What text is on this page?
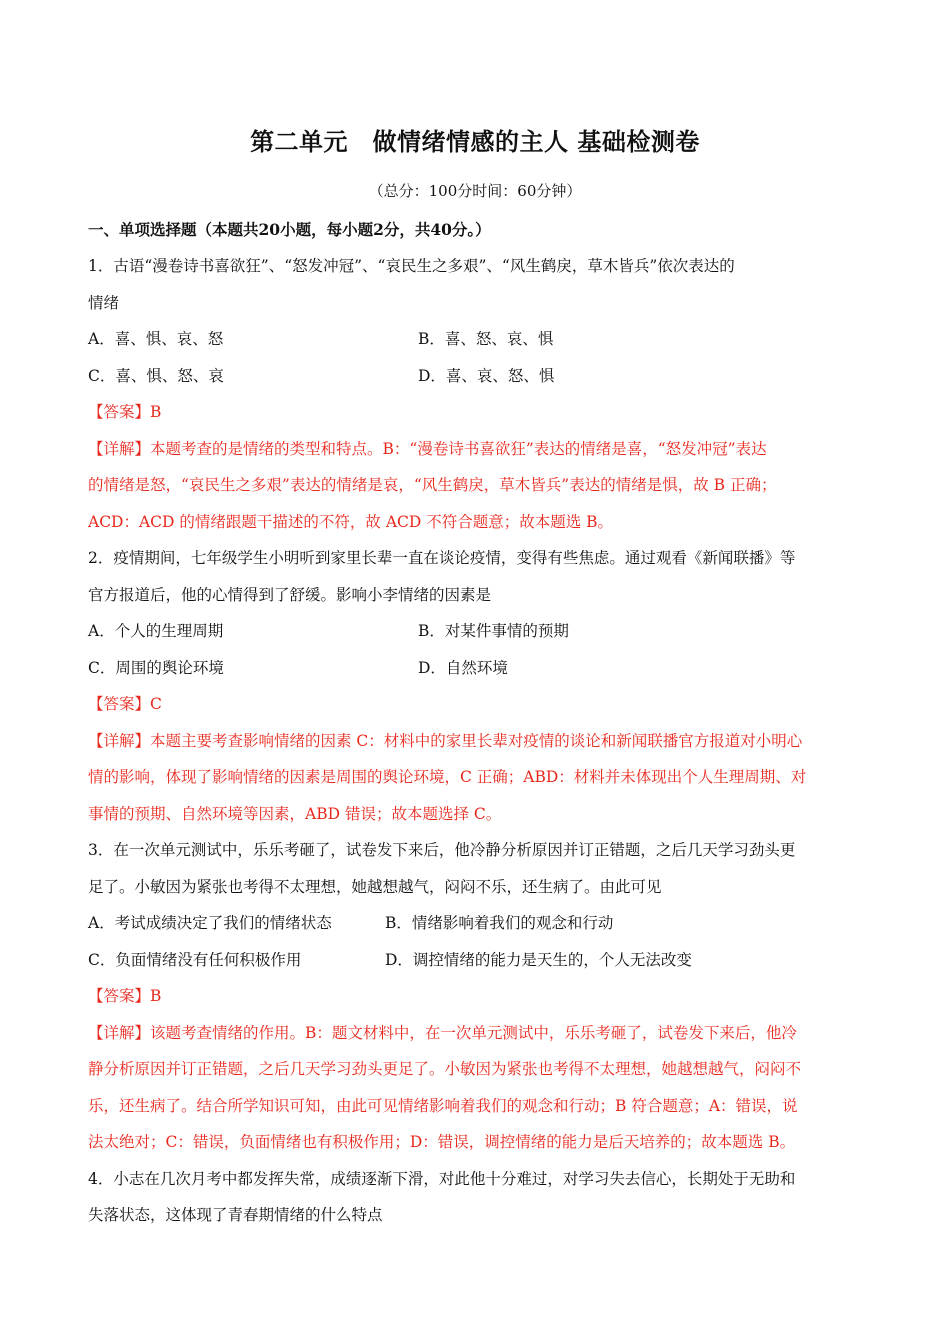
第二单元　做情绪情感的主人 基础检测卷
（总分：100分时间：60分钟）
一、单项选择题（本题共20小题，每小题2分，共40分。）
1．古语“漫卷诗书喜欲狂”、“怒发冲冠”、“哀民生之多艰”、“风生鹤戾，草木皆兵”依次表达的
情绪
A．喜、惧、哀、怒	B．喜、怒、哀、惧
C．喜、惧、怒、哀	D．喜、哀、怒、惧
【答案】B
【详解】本题考查的是情绪的类型和特点。B：“漫卷诗书喜欲狂”表达的情绪是喜，“怒发冲冠”表达
的情绪是怒，“哀民生之多艰”表达的情绪是哀，“风生鹤戾，草木皆兵”表达的情绪是惧，故 B 正确；
ACD：ACD 的情绪跟题干描述的不符，故 ACD 不符合题意；故本题选 B。
2．疫情期间，七年级学生小明听到家里长辈一直在谈论疫情，变得有些焦虑。通过观看《新闻联播》等
官方报道后，他的心情得到了舒缓。影响小李情绪的因素是
A．个人的生理周期	B．对某件事情的预期
C．周围的舆论环境	D．自然环境
【答案】C
【详解】本题主要考查影响情绪的因素 C：材料中的家里长辈对疫情的谈论和新闻联播官方报道对小明心
情的影响，体现了影响情绪的因素是周围的舆论环境，C 正确；ABD：材料并未体现出个人生理周期、对
事情的预期、自然环境等因素，ABD 错误；故本题选择 C。
3．在一次单元测试中，乐乐考砸了，试卷发下来后，他冷静分析原因并订正错题，之后几天学习劲头更
足了。小敏因为紧张也考得不太理想，她越想越气，闷闷不乐，还生病了。由此可见
A．考试成绩决定了我们的情绪状态	B．情绪影响着我们的观念和行动
C．负面情绪没有任何积极作用	D．调控情绪的能力是天生的，个人无法改变
【答案】B
【详解】该题考查情绪的作用。B：题文材料中，在一次单元测试中，乐乐考砸了，试卷发下来后，他冷
静分析原因并订正错题，之后几天学习劲头更足了。小敏因为紧张也考得不太理想，她越想越气，闷闷不
乐，还生病了。结合所学知识可知，由此可见情绪影响着我们的观念和行动；B 符合题意；A：错误，说
法太绝对；C：错误，负面情绪也有积极作用；D：错误，调控情绪的能力是后天培养的；故本题选 B。
4．小志在几次月考中都发挥失常，成绩逐渐下滑，对此他十分难过，对学习失去信心，长期处于无助和
失落状态，这体现了青春期情绪的什么特点
